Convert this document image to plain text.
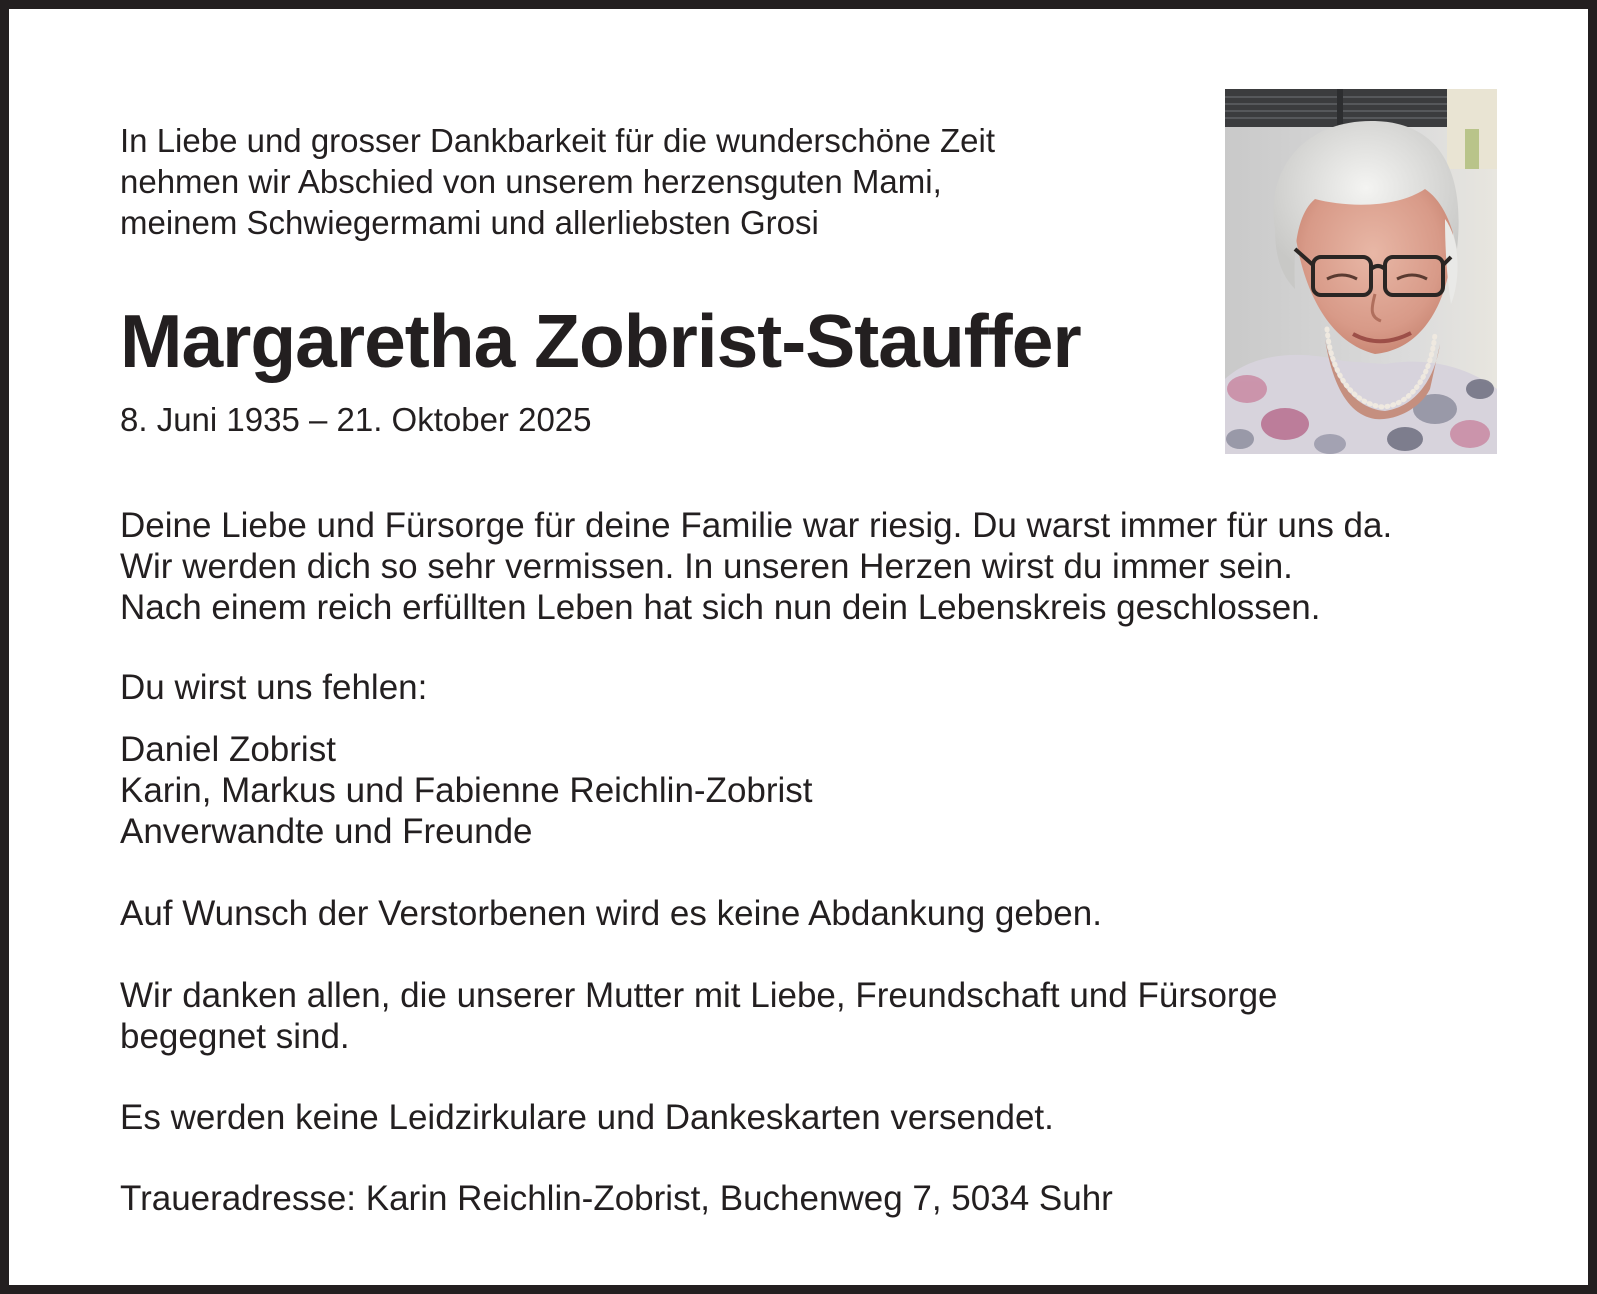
In Liebe und grosser Dankbarkeit für die wunderschöne Zeit
nehmen wir Abschied von unserem herzensguten Mami,
meinem Schwiegermami und allerliebsten Grosi

Margaretha Zobrist-Stauffer

8. Juni 1935 – 21. Oktober 2025

Deine Liebe und Fürsorge für deine Familie war riesig. Du warst immer für uns da.
Wir werden dich so sehr vermissen. In unseren Herzen wirst du immer sein.
Nach einem reich erfüllten Leben hat sich nun dein Lebenskreis geschlossen.

Du wirst uns fehlen:

Daniel Zobrist
Karin, Markus und Fabienne Reichlin-Zobrist
Anverwandte und Freunde

Auf Wunsch der Verstorbenen wird es keine Abdankung geben.

Wir danken allen, die unserer Mutter mit Liebe, Freundschaft und Fürsorge
begegnet sind.

Es werden keine Leidzirkulare und Dankeskarten versendet.

Traueradresse: Karin Reichlin-Zobrist, Buchenweg 7, 5034 Suhr
